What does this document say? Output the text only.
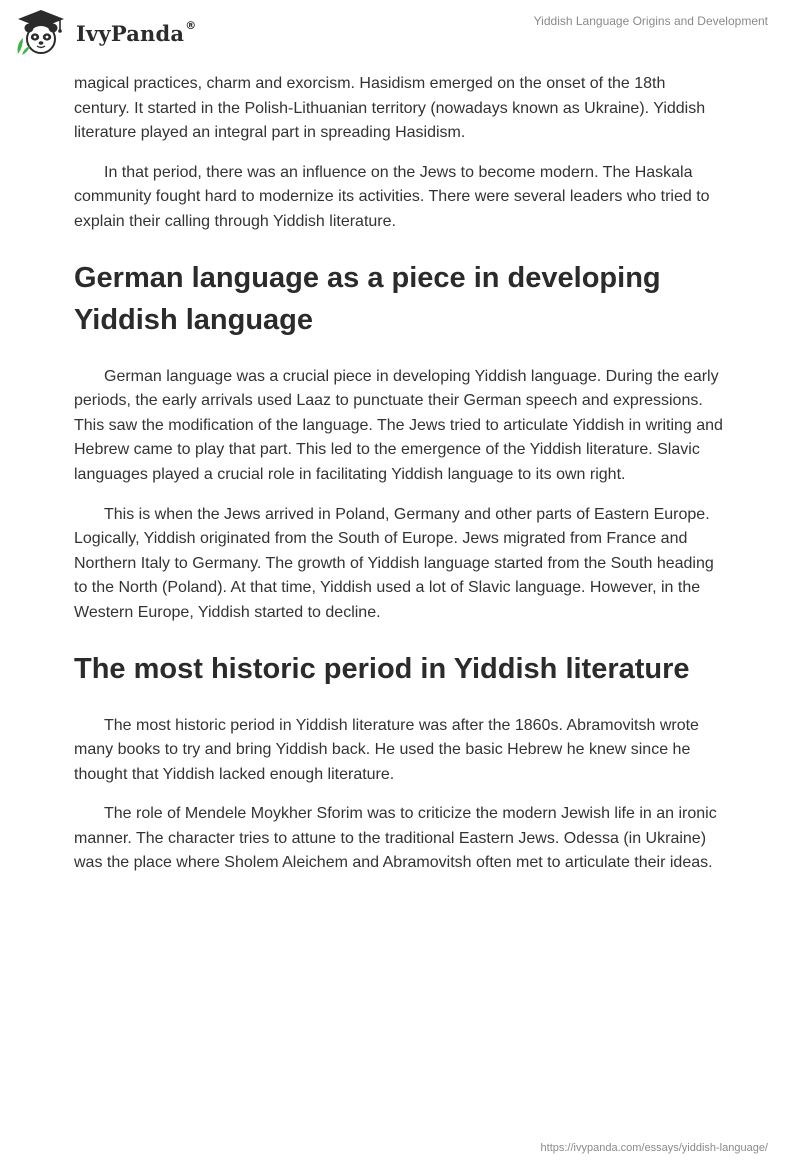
IvyPanda®	Yiddish Language Origins and Development

magical practices, charm and exorcism. Hasidism emerged on the onset of the 18th century. It started in the Polish-Lithuanian territory (nowadays known as Ukraine). Yiddish literature played an integral part in spreading Hasidism.

In that period, there was an influence on the Jews to become modern. The Haskala community fought hard to modernize its activities. There were several leaders who tried to explain their calling through Yiddish literature.

German language as a piece in developing Yiddish language

German language was a crucial piece in developing Yiddish language. During the early periods, the early arrivals used Laaz to punctuate their German speech and expressions. This saw the modification of the language. The Jews tried to articulate Yiddish in writing and Hebrew came to play that part. This led to the emergence of the Yiddish literature. Slavic languages played a crucial role in facilitating Yiddish language to its own right.

This is when the Jews arrived in Poland, Germany and other parts of Eastern Europe. Logically, Yiddish originated from the South of Europe. Jews migrated from France and Northern Italy to Germany. The growth of Yiddish language started from the South heading to the North (Poland). At that time, Yiddish used a lot of Slavic language. However, in the Western Europe, Yiddish started to decline.

The most historic period in Yiddish literature

The most historic period in Yiddish literature was after the 1860s. Abramovitsh wrote many books to try and bring Yiddish back. He used the basic Hebrew he knew since he thought that Yiddish lacked enough literature.

The role of Mendele Moykher Sforim was to criticize the modern Jewish life in an ironic manner. The character tries to attune to the traditional Eastern Jews. Odessa (in Ukraine) was the place where Sholem Aleichem and Abramovitsh often met to articulate their ideas.

https://ivypanda.com/essays/yiddish-language/
